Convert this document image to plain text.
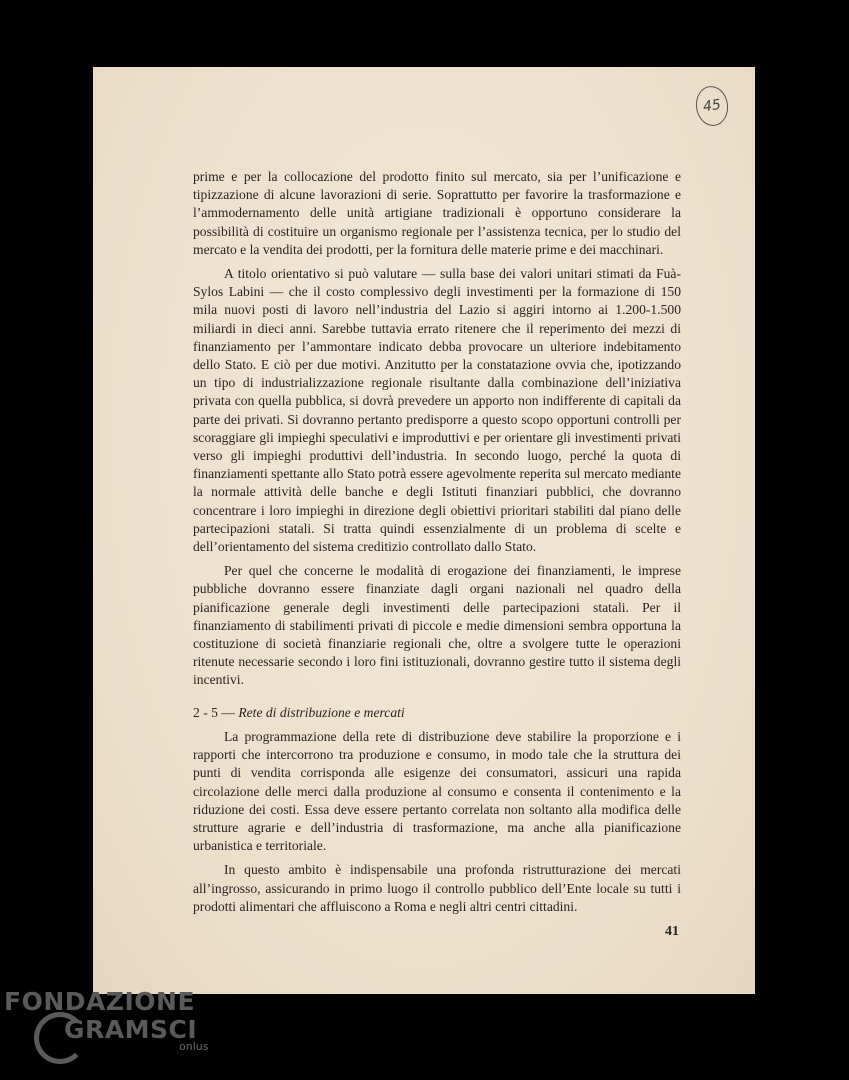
45

prime e per la collocazione del prodotto finito sul mercato, sia per l’unificazione e tipizzazione di alcune lavorazioni di serie. Soprattutto per favorire la trasformazione e l’ammodernamento delle unità artigiane tradizionali è opportuno considerare la possibilità di costituire un organismo regionale per l’assistenza tecnica, per lo studio del mercato e la vendita dei prodotti, per la fornitura delle materie prime e dei macchinari.

A titolo orientativo si può valutare — sulla base dei valori unitari stimati da Fuà-Sylos Labini — che il costo complessivo degli investimenti per la formazione di 150 mila nuovi posti di lavoro nell’industria del Lazio si aggiri intorno ai 1.200-1.500 miliardi in dieci anni. Sarebbe tuttavia errato ritenere che il reperimento dei mezzi di finanziamento per l’ammontare indicato debba provocare un ulteriore indebitamento dello Stato. E ciò per due motivi. Anzitutto per la constatazione ovvia che, ipotizzando un tipo di industrializzazione regionale risultante dalla combinazione dell’iniziativa privata con quella pubblica, si dovrà prevedere un apporto non indifferente di capitali da parte dei privati. Si dovranno pertanto predisporre a questo scopo opportuni controlli per scoraggiare gli impieghi speculativi e improduttivi e per orientare gli investimenti privati verso gli impieghi produttivi dell’industria. In secondo luogo, perché la quota di finanziamenti spettante allo Stato potrà essere agevolmente reperita sul mercato mediante la normale attività delle banche e degli Istituti finanziari pubblici, che dovranno concentrare i loro impieghi in direzione degli obiettivi prioritari stabiliti dal piano delle partecipazioni statali. Si tratta quindi essenzialmente di un problema di scelte e dell’orientamento del sistema creditizio controllato dallo Stato.

Per quel che concerne le modalità di erogazione dei finanziamenti, le imprese pubbliche dovranno essere finanziate dagli organi nazionali nel quadro della pianificazione generale degli investimenti delle partecipazioni statali. Per il finanziamento di stabilimenti privati di piccole e medie dimensioni sembra opportuna la costituzione di società finanziarie regionali che, oltre a svolgere tutte le operazioni ritenute necessarie secondo i loro fini istituzionali, dovranno gestire tutto il sistema degli incentivi.

2 - 5 — Rete di distribuzione e mercati

La programmazione della rete di distribuzione deve stabilire la proporzione e i rapporti che intercorrono tra produzione e consumo, in modo tale che la struttura dei punti di vendita corrisponda alle esigenze dei consumatori, assicuri una rapida circolazione delle merci dalla produzione al consumo e consenta il contenimento e la riduzione dei costi. Essa deve essere pertanto correlata non soltanto alla modifica delle strutture agrarie e dell’industria di trasformazione, ma anche alla pianificazione urbanistica e territoriale.

In questo ambito è indispensabile una profonda ristrutturazione dei mercati all’ingrosso, assicurando in primo luogo il controllo pubblico dell’Ente locale su tutti i prodotti alimentari che affluiscono a Roma e negli altri centri cittadini.

41
FONDAZIONE
GRAMSCI
onlus
